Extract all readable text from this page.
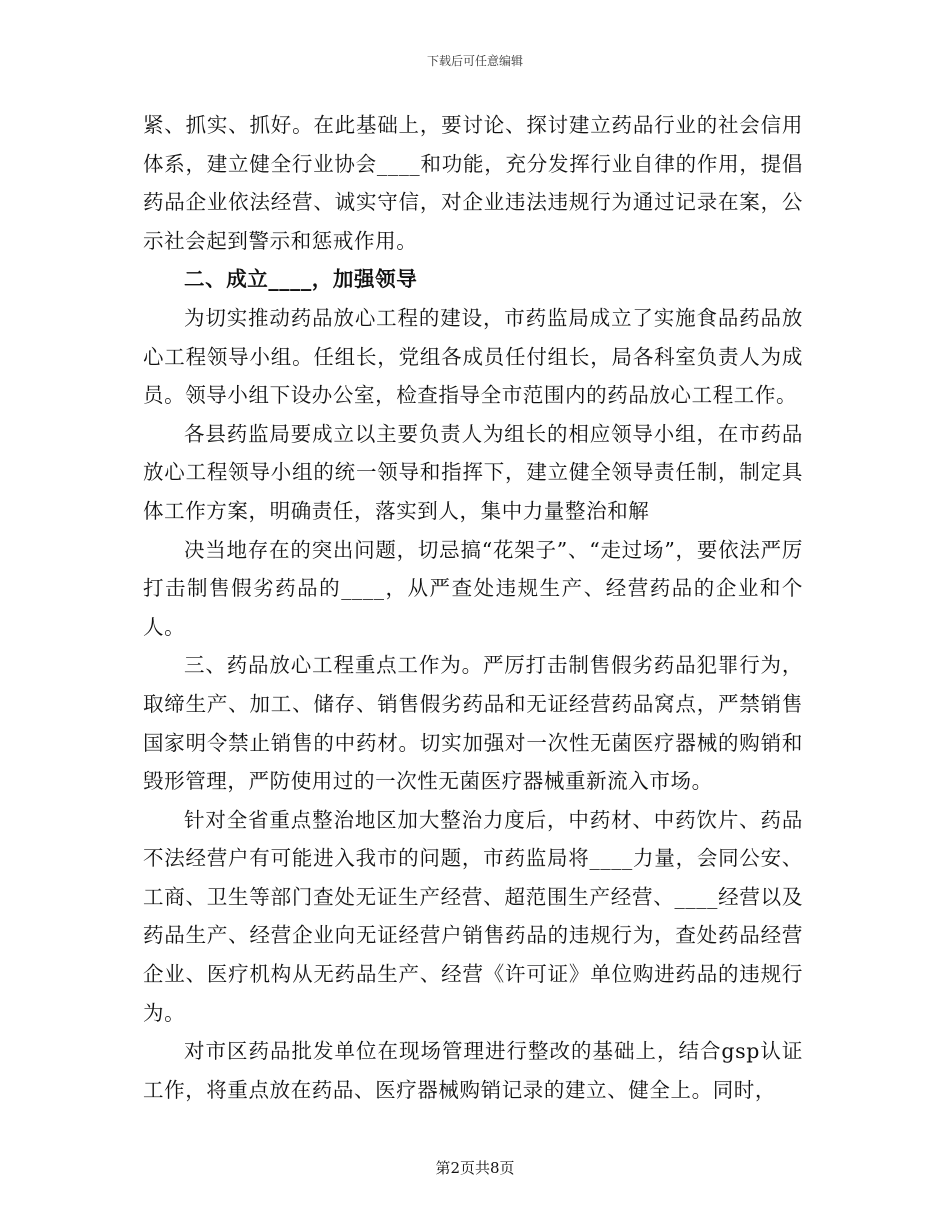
下载后可任意编辑

紧、抓实、抓好。在此基础上，要讨论、探讨建立药品行业的社会信用体系，建立健全行业协会____和功能，充分发挥行业自律的作用，提倡药品企业依法经营、诚实守信，对企业违法违规行为通过记录在案，公示社会起到警示和惩戒作用。

二、成立____，加强领导

为切实推动药品放心工程的建设，市药监局成立了实施食品药品放心工程领导小组。任组长，党组各成员任付组长，局各科室负责人为成员。领导小组下设办公室，检查指导全市范围内的药品放心工程工作。

各县药监局要成立以主要负责人为组长的相应领导小组，在市药品放心工程领导小组的统一领导和指挥下，建立健全领导责任制，制定具体工作方案，明确责任，落实到人，集中力量整治和解

决当地存在的突出问题，切忌搞“花架子”、“走过场”，要依法严厉打击制售假劣药品的____，从严查处违规生产、经营药品的企业和个人。

三、药品放心工程重点工作为。严厉打击制售假劣药品犯罪行为，取缔生产、加工、储存、销售假劣药品和无证经营药品窝点，严禁销售国家明令禁止销售的中药材。切实加强对一次性无菌医疗器械的购销和毁形管理，严防使用过的一次性无菌医疗器械重新流入市场。

针对全省重点整治地区加大整治力度后，中药材、中药饮片、药品不法经营户有可能进入我市的问题，市药监局将____力量，会同公安、工商、卫生等部门查处无证生产经营、超范围生产经营、____经营以及药品生产、经营企业向无证经营户销售药品的违规行为，查处药品经营企业、医疗机构从无药品生产、经营《许可证》单位购进药品的违规行为。

对市区药品批发单位在现场管理进行整改的基础上，结合gsp认证工作，将重点放在药品、医疗器械购销记录的建立、健全上。同时，

第2页共8页
